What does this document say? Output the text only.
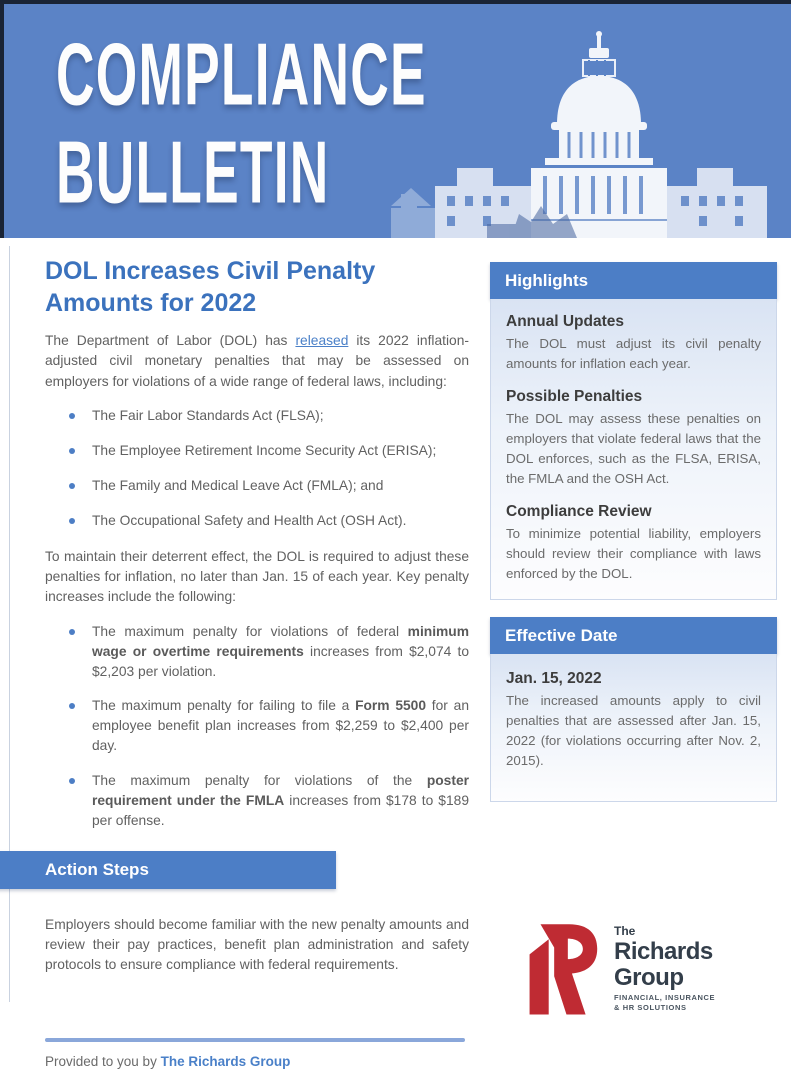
COMPLIANCE
BULLETIN
DOL Increases Civil Penalty Amounts for 2022

The Department of Labor (DOL) has released its 2022 inflation-adjusted civil monetary penalties that may be assessed on employers for violations of a wide range of federal laws, including:

The Fair Labor Standards Act (FLSA);
The Employee Retirement Income Security Act (ERISA);
The Family and Medical Leave Act (FMLA); and
The Occupational Safety and Health Act (OSH Act).

To maintain their deterrent effect, the DOL is required to adjust these penalties for inflation, no later than Jan. 15 of each year. Key penalty increases include the following:

The maximum penalty for violations of federal minimum wage or overtime requirements increases from $2,074 to $2,203 per violation.
The maximum penalty for failing to file a Form 5500 for an employee benefit plan increases from $2,259 to $2,400 per day.
The maximum penalty for violations of the poster requirement under the FMLA increases from $178 to $189 per offense.
Action Steps

Employers should become familiar with the new penalty amounts and review their pay practices, benefit plan administration and safety protocols to ensure compliance with federal requirements.

Provided to you by The Richards Group

Highlights
Annual Updates

The DOL must adjust its civil penalty amounts for inflation each year.

Possible Penalties

The DOL may assess these penalties on employers that violate federal laws that the DOL enforces, such as the FLSA, ERISA, the FMLA and the OSH Act.

Compliance Review

To minimize potential liability, employers should review their compliance with laws enforced by the DOL.

Effective Date
Jan. 15, 2022

The increased amounts apply to civil penalties that are assessed after Jan. 15, 2022 (for violations occurring after Nov. 2, 2015).

The
Richards
Group
FINANCIAL, INSURANCE
& HR SOLUTIONS
